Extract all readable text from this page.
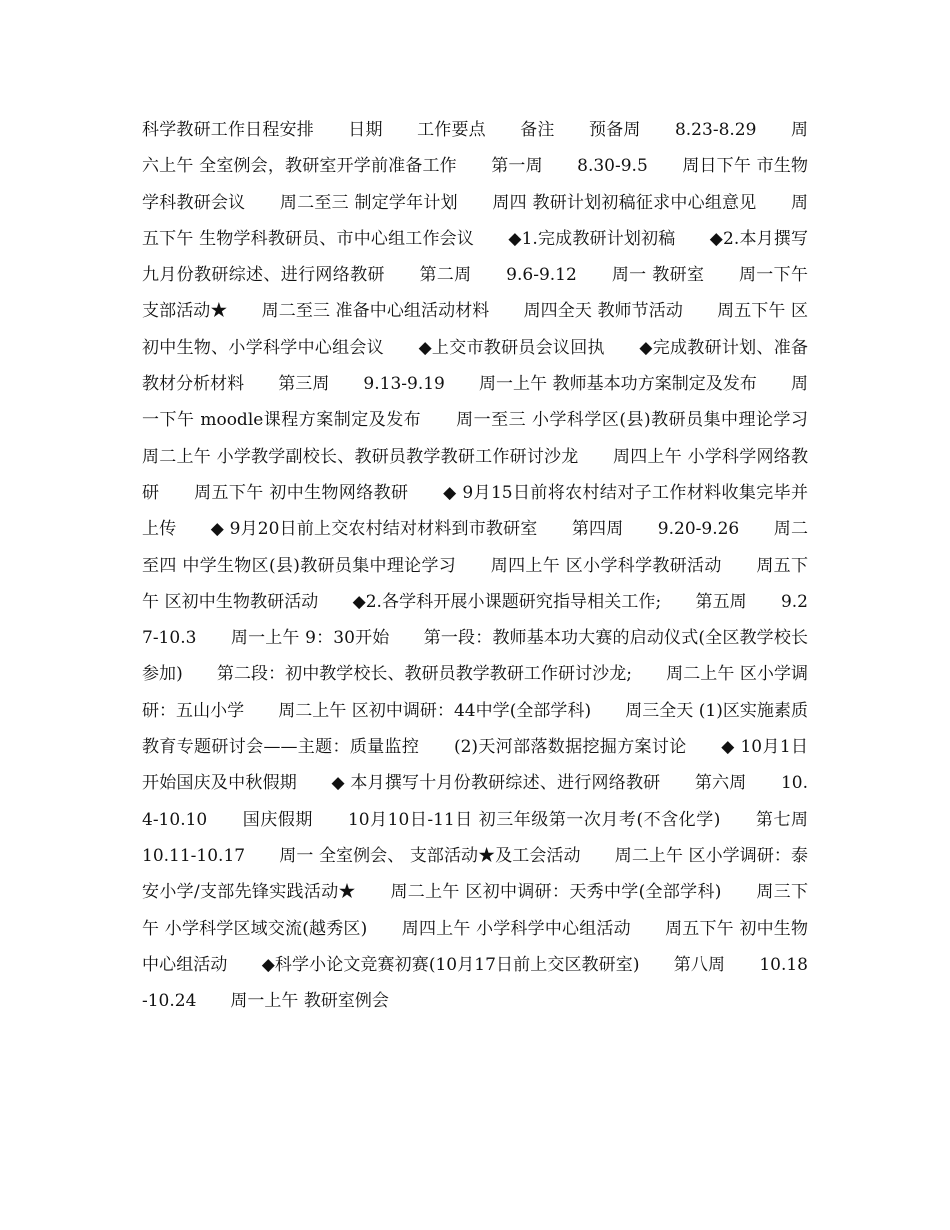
科学教研工作日程安排　　日期　　工作要点　　备注　　预备周　　8.23-8.29　　周六上午 全室例会，教研室开学前准备工作　　第一周　　8.30-9.5　　周日下午 市生物学科教研会议　　周二至三 制定学年计划　　周四 教研计划初稿征求中心组意见　　周五下午 生物学科教研员、市中心组工作会议　　◆1.完成教研计划初稿　　◆2.本月撰写九月份教研综述、进行网络教研　　第二周　　9.6-9.12　　周一 教研室　　周一下午 支部活动★　　周二至三 准备中心组活动材料　　周四全天 教师节活动　　周五下午 区初中生物、小学科学中心组会议　　◆上交市教研员会议回执　　◆完成教研计划、准备教材分析材料　　第三周　　9.13-9.19　　周一上午 教师基本功方案制定及发布　　周一下午 moodle课程方案制定及发布　　周一至三 小学科学区(县)教研员集中理论学习　　周二上午 小学教学副校长、教研员教学教研工作研讨沙龙　　周四上午 小学科学网络教研　　周五下午 初中生物网络教研　　◆ 9月15日前将农村结对子工作材料收集完毕并上传　　◆ 9月20日前上交农村结对材料到市教研室　　第四周　　9.20-9.26　　周二至四 中学生物区(县)教研员集中理论学习　　周四上午 区小学科学教研活动　　周五下午 区初中生物教研活动　　◆2.各学科开展小课题研究指导相关工作;　　第五周　　9.27-10.3　　周一上午 9：30开始　　第一段：教师基本功大赛的启动仪式(全区教学校长参加)　　第二段：初中教学校长、教研员教学教研工作研讨沙龙;　　周二上午 区小学调研：五山小学　　周二上午 区初中调研：44中学(全部学科)　　周三全天 (1)区实施素质教育专题研讨会——主题：质量监控　　(2)天河部落数据挖掘方案讨论　　◆ 10月1日开始国庆及中秋假期　　◆ 本月撰写十月份教研综述、进行网络教研　　第六周　　10.4-10.10　　国庆假期　　10月10日-11日 初三年级第一次月考(不含化学)　　第七周　　10.11-10.17　　周一 全室例会、 支部活动★及工会活动　　周二上午 区小学调研：泰安小学/支部先锋实践活动★　　周二上午 区初中调研：天秀中学(全部学科)　　周三下午 小学科学区域交流(越秀区)　　周四上午 小学科学中心组活动　　周五下午 初中生物中心组活动　　◆科学小论文竞赛初赛(10月17日前上交区教研室)　　第八周　　10.18-10.24　　周一上午 教研室例会
